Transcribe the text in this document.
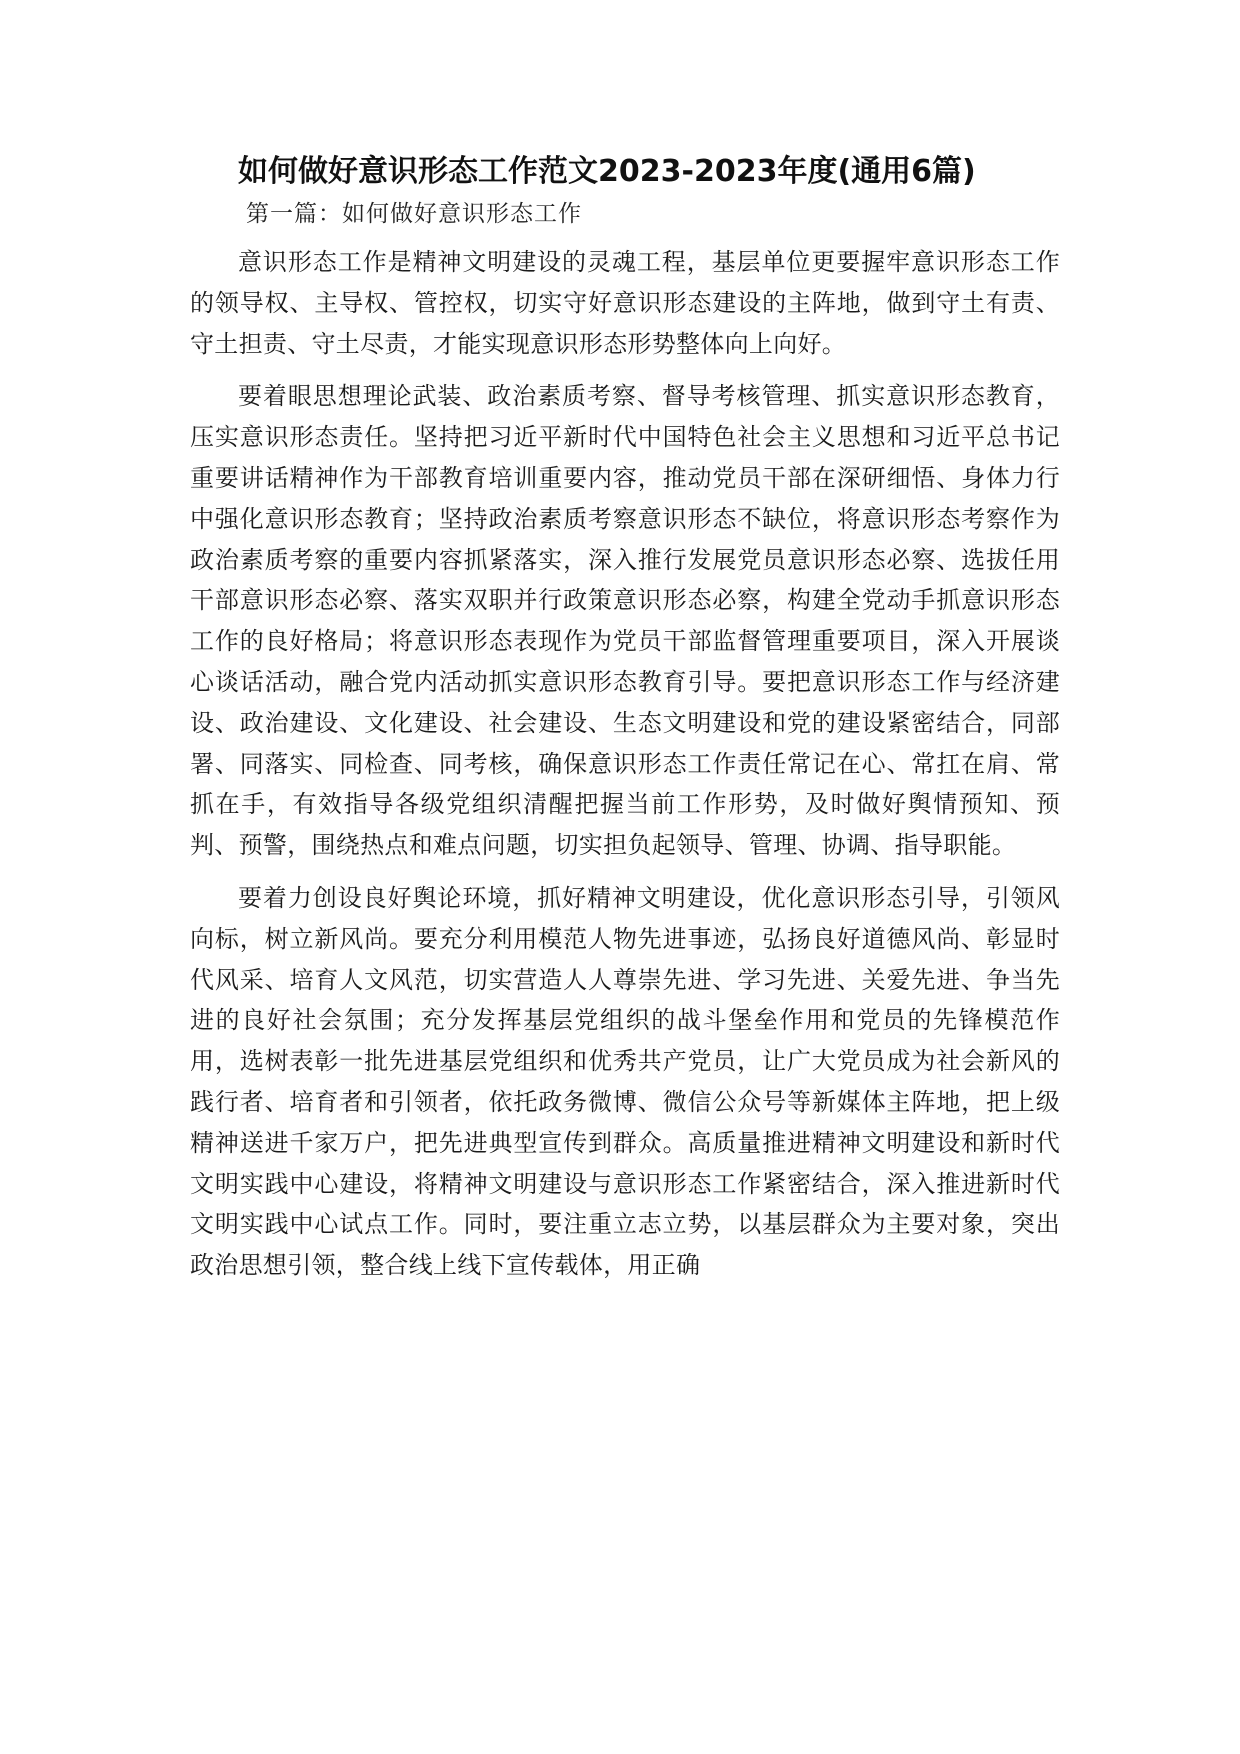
如何做好意识形态工作范文2023-2023年度(通用6篇)
第一篇：如何做好意识形态工作

意识形态工作是精神文明建设的灵魂工程，基层单位更要握牢意识形态工作的领导权、主导权、管控权，切实守好意识形态建设的主阵地，做到守土有责、守土担责、守土尽责，才能实现意识形态形势整体向上向好。

要着眼思想理论武装、政治素质考察、督导考核管理、抓实意识形态教育，压实意识形态责任。坚持把习近平新时代中国特色社会主义思想和习近平总书记重要讲话精神作为干部教育培训重要内容，推动党员干部在深研细悟、身体力行中强化意识形态教育；坚持政治素质考察意识形态不缺位，将意识形态考察作为政治素质考察的重要内容抓紧落实，深入推行发展党员意识形态必察、选拔任用干部意识形态必察、落实双职并行政策意识形态必察，构建全党动手抓意识形态工作的良好格局；将意识形态表现作为党员干部监督管理重要项目，深入开展谈心谈话活动，融合党内活动抓实意识形态教育引导。要把意识形态工作与经济建设、政治建设、文化建设、社会建设、生态文明建设和党的建设紧密结合，同部署、同落实、同检查、同考核，确保意识形态工作责任常记在心、常扛在肩、常抓在手，有效指导各级党组织清醒把握当前工作形势，及时做好舆情预知、预判、预警，围绕热点和难点问题，切实担负起领导、管理、协调、指导职能。

要着力创设良好舆论环境，抓好精神文明建设，优化意识形态引导，引领风向标，树立新风尚。要充分利用模范人物先进事迹，弘扬良好道德风尚、彰显时代风采、培育人文风范，切实营造人人尊崇先进、学习先进、关爱先进、争当先进的良好社会氛围；充分发挥基层党组织的战斗堡垒作用和党员的先锋模范作用，选树表彰一批先进基层党组织和优秀共产党员，让广大党员成为社会新风的践行者、培育者和引领者，依托政务微博、微信公众号等新媒体主阵地，把上级精神送进千家万户，把先进典型宣传到群众。高质量推进精神文明建设和新时代文明实践中心建设，将精神文明建设与意识形态工作紧密结合，深入推进新时代文明实践中心试点工作。同时，要注重立志立势，以基层群众为主要对象，突出政治思想引领，整合线上线下宣传载体，用正确
